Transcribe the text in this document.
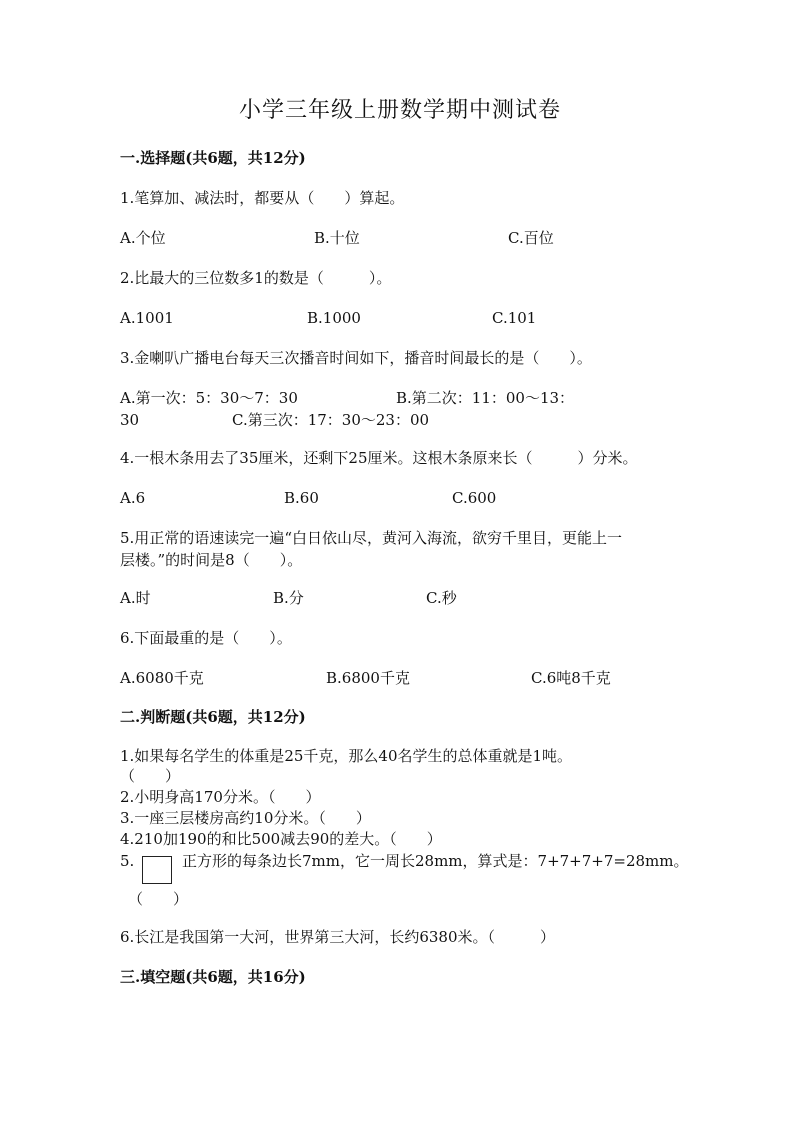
小学三年级上册数学期中测试卷
一.选择题(共6题，共12分)
1.笔算加、减法时，都要从（　　）算起。
A.个位	B.十位	C.百位
2.比最大的三位数多1的数是（　　　）。
A.1001	B.1000	C.101
3.金喇叭广播电台每天三次播音时间如下，播音时间最长的是（　　）。
A.第一次：5：30～7：30	B.第二次：11：00～13：
30	C.第三次：17：30～23：00
4.一根木条用去了35厘米，还剩下25厘米。这根木条原来长（　　　）分米。
A.6	B.60	C.600
5.用正常的语速读完一遍“白日依山尽，黄河入海流，欲穷千里目，更能上一
层楼。”的时间是8（　　）。
A.时	B.分	C.秒
6.下面最重的是（　　）。
A.6080千克	B.6800千克	C.6吨8千克
二.判断题(共6题，共12分)
1.如果每名学生的体重是25千克，那么40名学生的总体重就是1吨。
（　　）
2.小明身高170分米。（　　）
3.一座三层楼房高约10分米。（　　）
4.210加190的和比500减去90的差大。（　　）
5.	正方形的每条边长7mm，它一周长28mm，算式是：7+7+7+7=28mm。
（　　）
6.长江是我国第一大河，世界第三大河，长约6380米。（　　　）
三.填空题(共6题，共16分)
